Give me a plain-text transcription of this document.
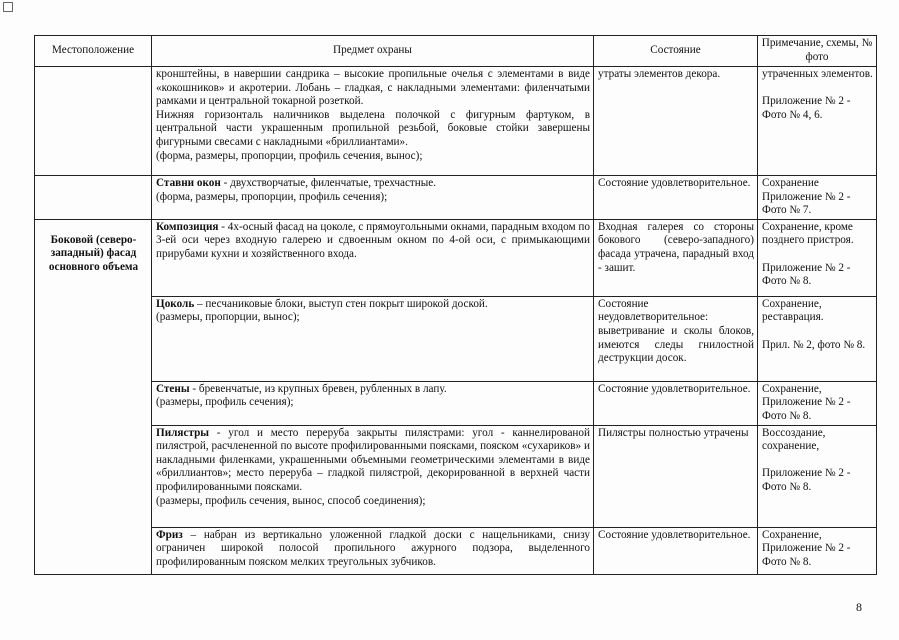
Местоположение	Предмет охраны	Состояние	Примечание, схемы, № фото

	кронштейны, в навершии сандрика – высокие пропильные очелья с элементами в виде «кокошников» и акротерии. Лобань – гладкая, с накладными элементами: филенчатыми рамками и центральной токарной розеткой.
Нижняя горизонталь наличников выделена полочкой с фигурным фартуком, в центральной части украшенным пропильной резьбой, боковые стойки завершены фигурными свесами с накладными «бриллиантами».
(форма, размеры, пропорции, профиль сечения, вынос);	утраты элементов декора.	утраченных элементов.
Приложение № 2 - Фото № 4, 6.

	Ставни окон - двухстворчатые, филенчатые, трехчастные.
(форма, размеры, пропорции, профиль сечения);	Состояние удовлетворительное.	Сохранение Приложение № 2 - Фото № 7.
Боковой (северо-западный) фасад основного объема	Композиция - 4х-осный фасад на цоколе, с прямоугольными окнами, парадным входом по 3-ей оси через входную галерею и сдвоенным окном по 4-ой оси, с примыкающими прирубами кухни и хозяйственного входа.	Входная галерея со стороны бокового (северо-западного) фасада утрачена, парадный вход - зашит.	Сохранение, кроме позднего пристроя.
Приложение № 2 - Фото № 8.

	Цоколь – песчаниковые блоки, выступ стен покрыт широкой доской.
(размеры, пропорции, вынос);	Состояние неудовлетворительное: выветривание и сколы блоков, имеются следы гнилостной деструкции досок.	Сохранение, реставрация.
Прил. № 2, фото № 8.

	Стены - бревенчатые, из крупных бревен, рубленных в лапу.
(размеры, профиль сечения);	Состояние удовлетворительное.	Сохранение, Приложение № 2 - Фото № 8.
	Пилястры - угол и место переруба закрыты пилястрами: угол - каннелированой пилястрой, расчлененной по высоте профилированными поясками, пояском «сухариков» и накладными филенками, украшенными объемными геометрическими элементами в виде «бриллиантов»; место переруба – гладкой пилястрой, декорированной в верхней части профилированными поясками.
(размеры, профиль сечения, вынос, способ соединения);	Пилястры полностью утрачены	Воссоздание, сохранение,
Приложение № 2 - Фото № 8.

	Фриз – набран из вертикально уложенной гладкой доски с нащельниками, снизу ограничен широкой полосой пропильного ажурного подзора, выделенного профилированным пояском мелких треугольных зубчиков.	Состояние удовлетворительное.	Сохранение, Приложение № 2 - Фото № 8.

8
